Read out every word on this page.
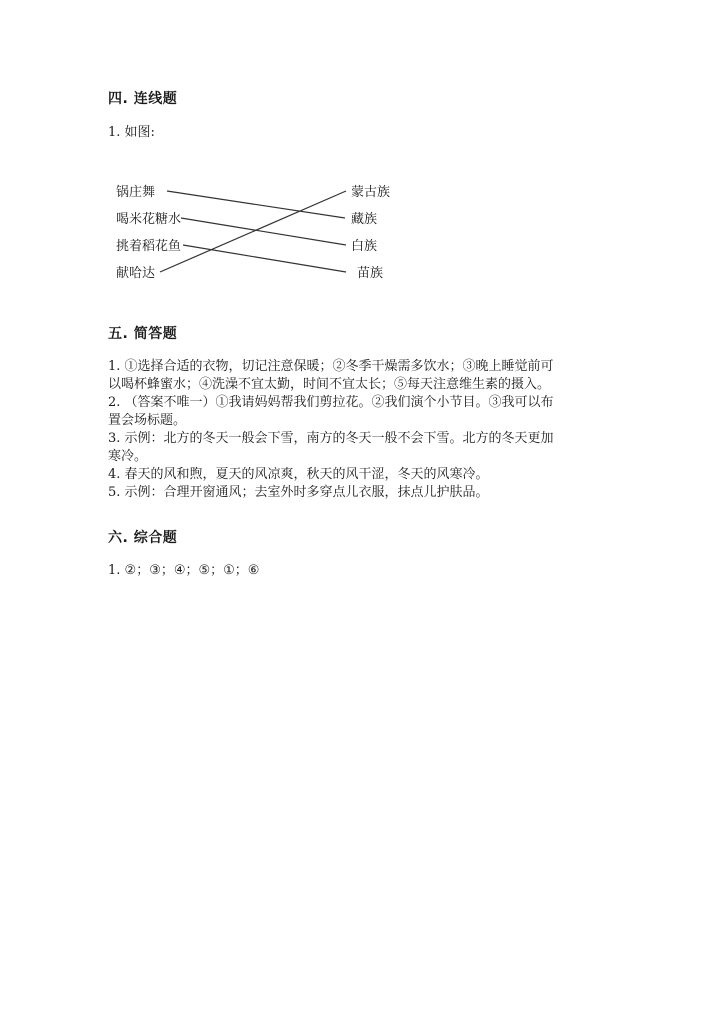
四. 连线题
1. 如图:
锅庄舞
喝米花糖水
挑着稻花鱼
献哈达
蒙古族
藏族
白族
苗族
五. 简答题
1. ①选择合适的衣物，切记注意保暖；②冬季干燥需多饮水；③晚上睡觉前可
以喝杯蜂蜜水；④洗澡不宜太勤，时间不宜太长；⑤每天注意维生素的摄入。
2. （答案不唯一）①我请妈妈帮我们剪拉花。②我们演个小节目。③我可以布
置会场标题。
3. 示例：北方的冬天一般会下雪，南方的冬天一般不会下雪。北方的冬天更加
寒冷。
4. 春天的风和煦，夏天的风凉爽，秋天的风干涩，冬天的风寒冷。
5. 示例：合理开窗通风；去室外时多穿点儿衣服，抹点儿护肤品。
六. 综合题
1. ②；③；④；⑤；①；⑥
